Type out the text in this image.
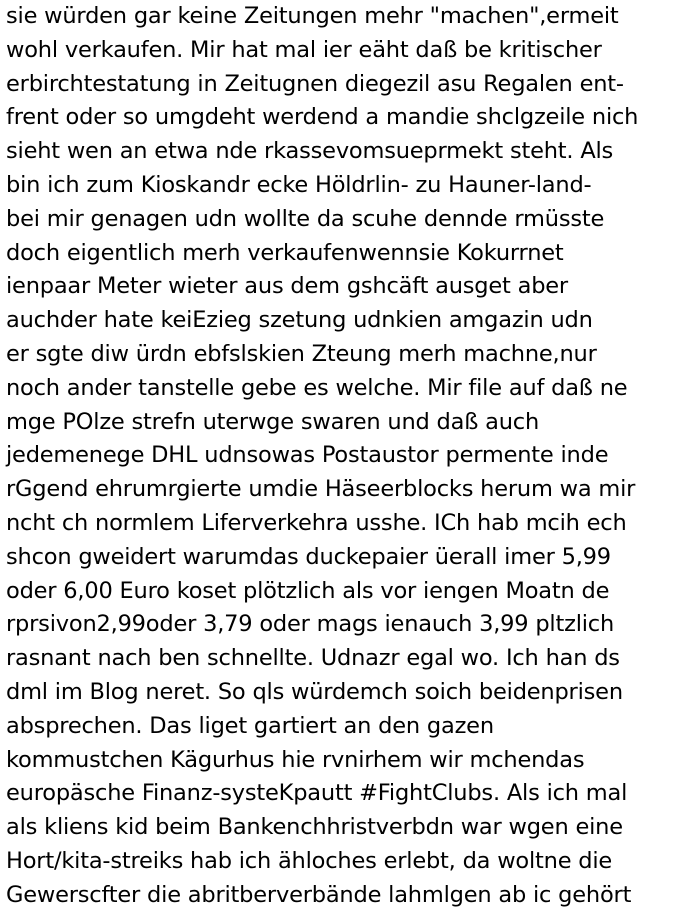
sie würden gar keine Zeitungen mehr "machen",ermeit
wohl verkaufen. Mir hat mal ier eäht daß be kritischer
erbirchtestatung in Zeitugnen diegezil asu Regalen ent-
frent oder so umgdeht werdend a mandie shclgzeile nich
sieht wen an etwa nde rkassevomsueprmekt steht. Als
bin ich zum Kioskandr ecke Höldrlin- zu Hauner-land-
bei mir genagen udn wollte da scuhe dennde rmüsste
doch eigentlich merh verkaufenwennsie Kokurrnet
ienpaar Meter wieter aus dem gshcäft ausget aber
auchder hate keiEzieg szetung udnkien amgazin udn
er sgte diw ürdn ebfslskien Zteung merh machne,nur
noch ander tanstelle gebe es welche. Mir file auf daß ne
mge POlze strefn uterwge swaren und daß auch
jedemenege DHL udnsowas Postaustor permente inde
rGgend ehrumrgierte umdie Häseerblocks herum wa mir
ncht ch normlem Liferverkehra usshe. ICh hab mcih ech
shcon gweidert warumdas duckepaier üerall imer 5,99
oder 6,00 Euro koset plötzlich als vor iengen Moatn de
rprsivon2,99oder 3,79 oder mags ienauch 3,99 pltzlich
rasnant nach ben schnellte. Udnazr egal wo. Ich han ds
dml im Blog neret. So qls würdemch soich beidenprisen
absprechen. Das liget gartiert an den gazen
kommustchen Kägurhus hie rvnirhem wir mchendas
europäsche Finanz-systeKpautt #FightClubs. Als ich mal
als kliens kid beim Bankenchhristverbdn war wgen eine
Hort/kita-streiks hab ich ähloches erlebt, da woltne die
Gewerscfter die abritberverbände lahmlgen ab ic gehört
